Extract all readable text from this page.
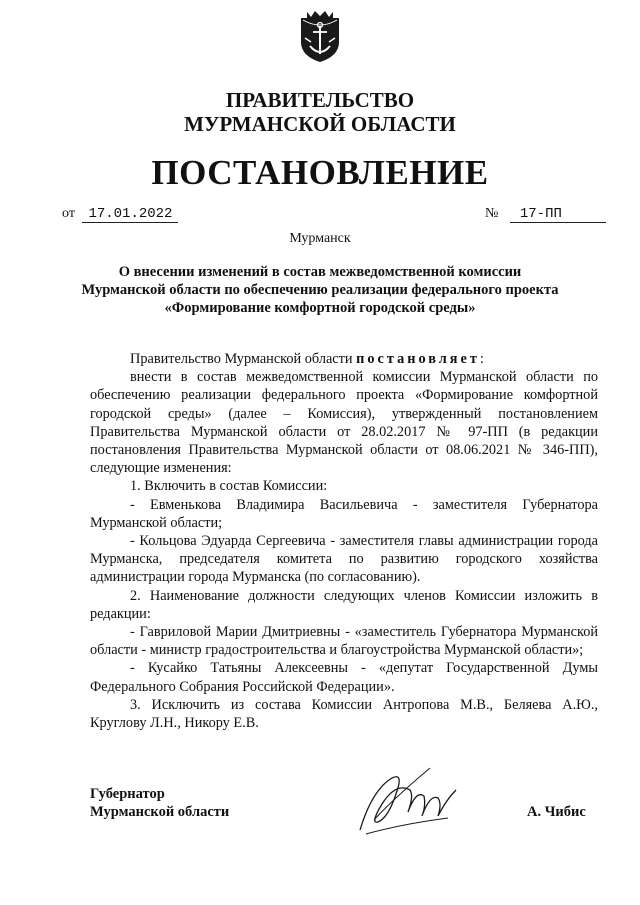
ПРАВИТЕЛЬСТВО
МУРМАНСКОЙ ОБЛАСТИ
ПОСТАНОВЛЕНИЕ
от 17.01.2022	№ 17-ПП
Мурманск
О внесении изменений в состав межведомственной комиссии
Мурманской области по обеспечению реализации федерального проекта
«Формирование комфортной городской среды»

Правительство Мурманской области постановляет:

внести в состав межведомственной комиссии Мурманской области по обеспечению реализации федерального проекта «Формирование комфортной городской среды» (далее – Комиссия), утвержденный постановлением Правительства Мурманской области от 28.02.2017 № 97-ПП (в редакции постановления Правительства Мурманской области от 08.06.2021 № 346-ПП), следующие изменения:

1. Включить в состав Комиссии:

- Евменькова Владимира Васильевича - заместителя Губернатора Мурманской области;

- Кольцова Эдуарда Сергеевича - заместителя главы администрации города Мурманска, председателя комитета по развитию городского хозяйства администрации города Мурманска (по согласованию).

2. Наименование должности следующих членов Комиссии изложить в редакции:

- Гавриловой Марии Дмитриевны - «заместитель Губернатора Мурманской области - министр градостроительства и благоустройства Мурманской области»;

- Кусайко Татьяны Алексеевны - «депутат Государственной Думы Федерального Собрания Российской Федерации».

3. Исключить из состава Комиссии Антропова М.В., Беляева А.Ю., Круглову Л.Н., Никору Е.В.

Губернатор
Мурманской области	А. Чибис
